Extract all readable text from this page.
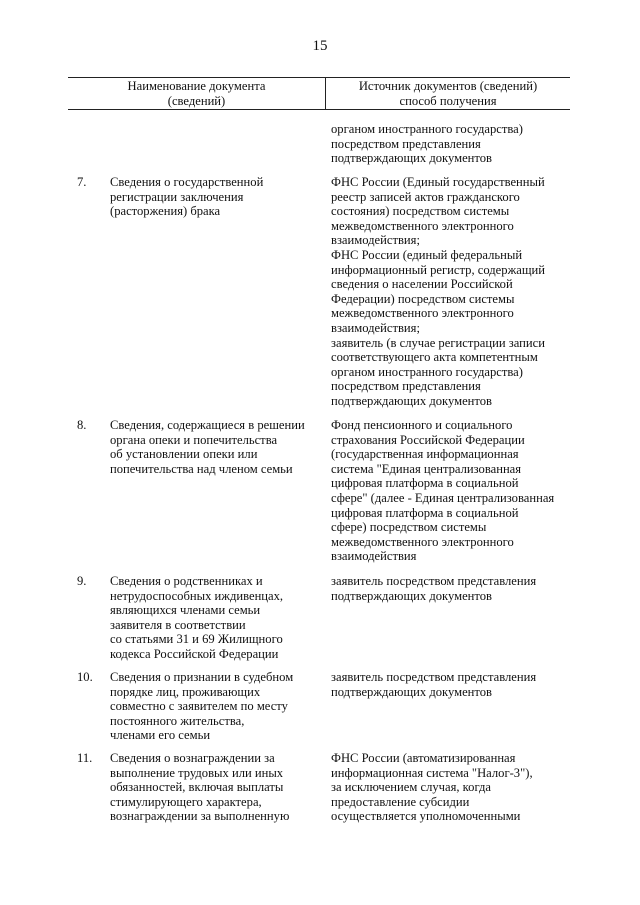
15
Наименование документа
(сведений)
Источник документов (сведений)
способ получения
органом иностранного государства)
посредством представления
подтверждающих документов
7. Сведения о государственной
регистрации заключения
(расторжения) брака
ФНС России (Единый государственный
реестр записей актов гражданского
состояния) посредством системы
межведомственного электронного
взаимодействия;
ФНС России (единый федеральный
информационный регистр, содержащий
сведения о населении Российской
Федерации) посредством системы
межведомственного электронного
взаимодействия;
заявитель (в случае регистрации записи
соответствующего акта компетентным
органом иностранного государства)
посредством представления
подтверждающих документов
8. Сведения, содержащиеся в решении
органа опеки и попечительства
об установлении опеки или
попечительства над членом семьи
Фонд пенсионного и социального
страхования Российской Федерации
(государственная информационная
система "Единая централизованная
цифровая платформа в социальной
сфере" (далее - Единая централизованная
цифровая платформа в социальной
сфере) посредством системы
межведомственного электронного
взаимодействия
9. Сведения о родственниках и
нетрудоспособных иждивенцах,
являющихся членами семьи
заявителя в соответствии
со статьями 31 и 69 Жилищного
кодекса Российской Федерации
заявитель посредством представления
подтверждающих документов
10. Сведения о признании в судебном
порядке лиц, проживающих
совместно с заявителем по месту
постоянного жительства,
членами его семьи
заявитель посредством представления
подтверждающих документов
11. Сведения о вознаграждении за
выполнение трудовых или иных
обязанностей, включая выплаты
стимулирующего характера,
вознаграждении за выполненную
ФНС России (автоматизированная
информационная система "Налог-3"),
за исключением случая, когда
предоставление субсидии
осуществляется уполномоченными
